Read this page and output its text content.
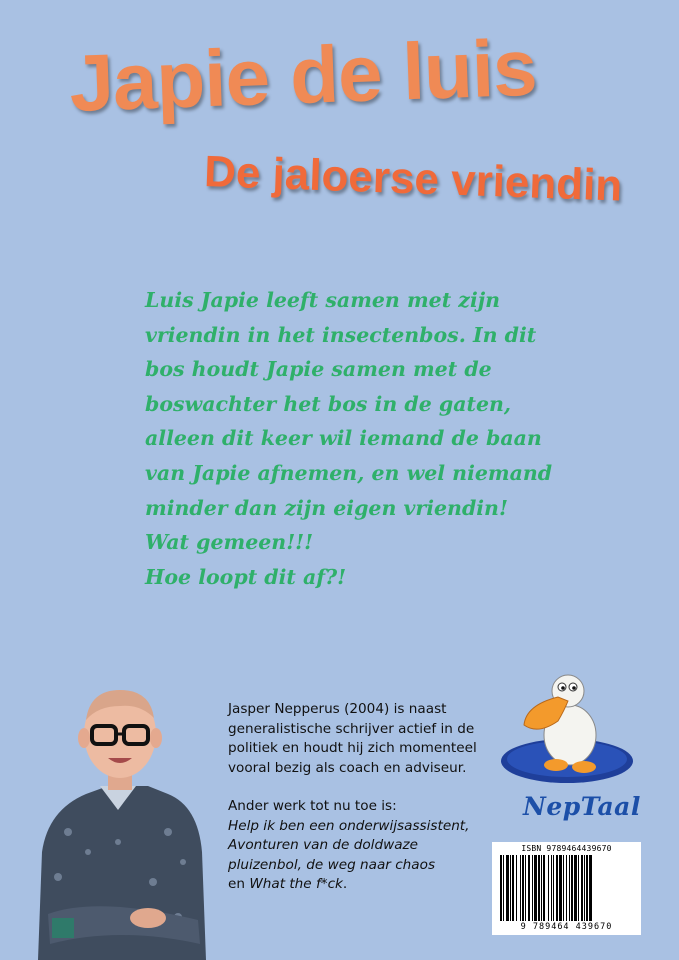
Japie de luis
De jaloerse vriendin
Luis Japie leeft samen met zijn
vriendin in het insectenbos. In dit
bos houdt Japie samen met de
boswachter het bos in de gaten,
alleen dit keer wil iemand de baan
van Japie afnemen, en wel niemand
minder dan zijn eigen vriendin!
Wat gemeen!!!
Hoe loopt dit af?!
Jasper Nepperus (2004) is naast
generalistische schrijver actief in de
politiek en houdt hij zich momenteel
vooral bezig als coach en adviseur.
Ander werk tot nu toe is:
Help ik ben een onderwijsassistent,
Avonturen van de doldwaze
pluizenbol, de weg naar chaos
en What the f*ck.
NepTaal
ISBN 9789464439670
9 789464 439670
